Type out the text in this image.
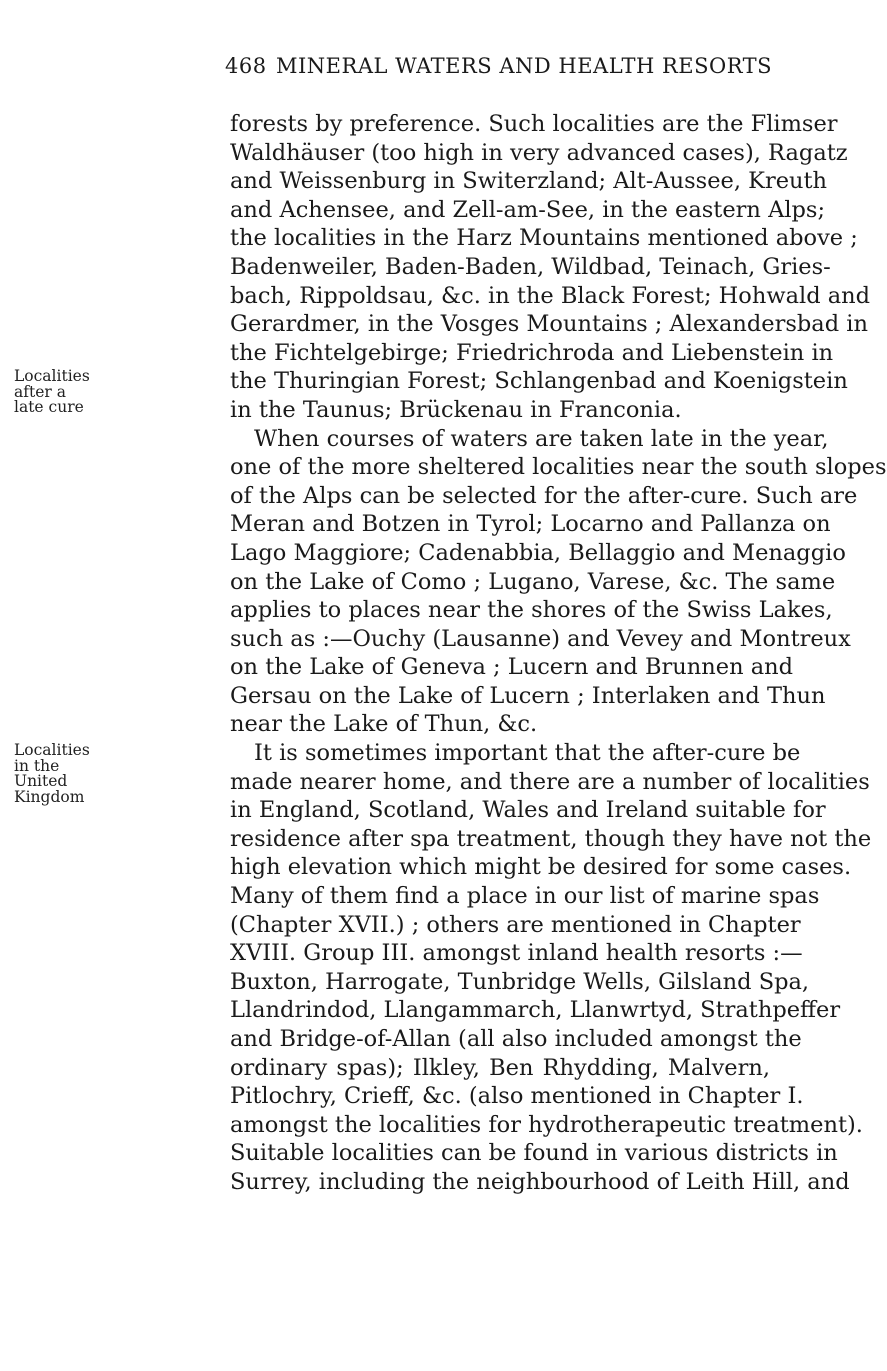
468 MINERAL WATERS AND HEALTH RESORTS
Localities
after a
late cure
Localities
in the
United
Kingdom
forests by preference. Such localities are the Flimser
Waldhäuser (too high in very advanced cases), Ragatz
and Weissenburg in Switerzland; Alt-Aussee, Kreuth
and Achensee, and Zell-am-See, in the eastern Alps;
the localities in the Harz Mountains mentioned above ;
Badenweiler, Baden-Baden, Wildbad, Teinach, Gries-
bach, Rippoldsau, &c. in the Black Forest; Hohwald and
Gerardmer, in the Vosges Mountains ; Alexandersbad in
the Fichtelgebirge; Friedrichroda and Liebenstein in
the Thuringian Forest; Schlangenbad and Koenigstein
in the Taunus; Brückenau in Franconia.
When courses of waters are taken late in the year,
one of the more sheltered localities near the south slopes
of the Alps can be selected for the after-cure. Such are
Meran and Botzen in Tyrol; Locarno and Pallanza on
Lago Maggiore; Cadenabbia, Bellaggio and Menaggio
on the Lake of Como ; Lugano, Varese, &c. The same
applies to places near the shores of the Swiss Lakes,
such as :—Ouchy (Lausanne) and Vevey and Montreux
on the Lake of Geneva ; Lucern and Brunnen and
Gersau on the Lake of Lucern ; Interlaken and Thun
near the Lake of Thun, &c.
It is sometimes important that the after-cure be
made nearer home, and there are a number of localities
in England, Scotland, Wales and Ireland suitable for
residence after spa treatment, though they have not the
high elevation which might be desired for some cases.
Many of them find a place in our list of marine spas
(Chapter XVII.) ; others are mentioned in Chapter
XVIII. Group III. amongst inland health resorts :—
Buxton, Harrogate, Tunbridge Wells, Gilsland Spa,
Llandrindod, Llangammarch, Llanwrtyd, Strathpeffer
and Bridge-of-Allan (all also included amongst the
ordinary spas); Ilkley, Ben Rhydding, Malvern,
Pitlochry, Crieff, &c. (also mentioned in Chapter I.
amongst the localities for hydrotherapeutic treatment).
Suitable localities can be found in various districts in
Surrey, including the neighbourhood of Leith Hill, and
